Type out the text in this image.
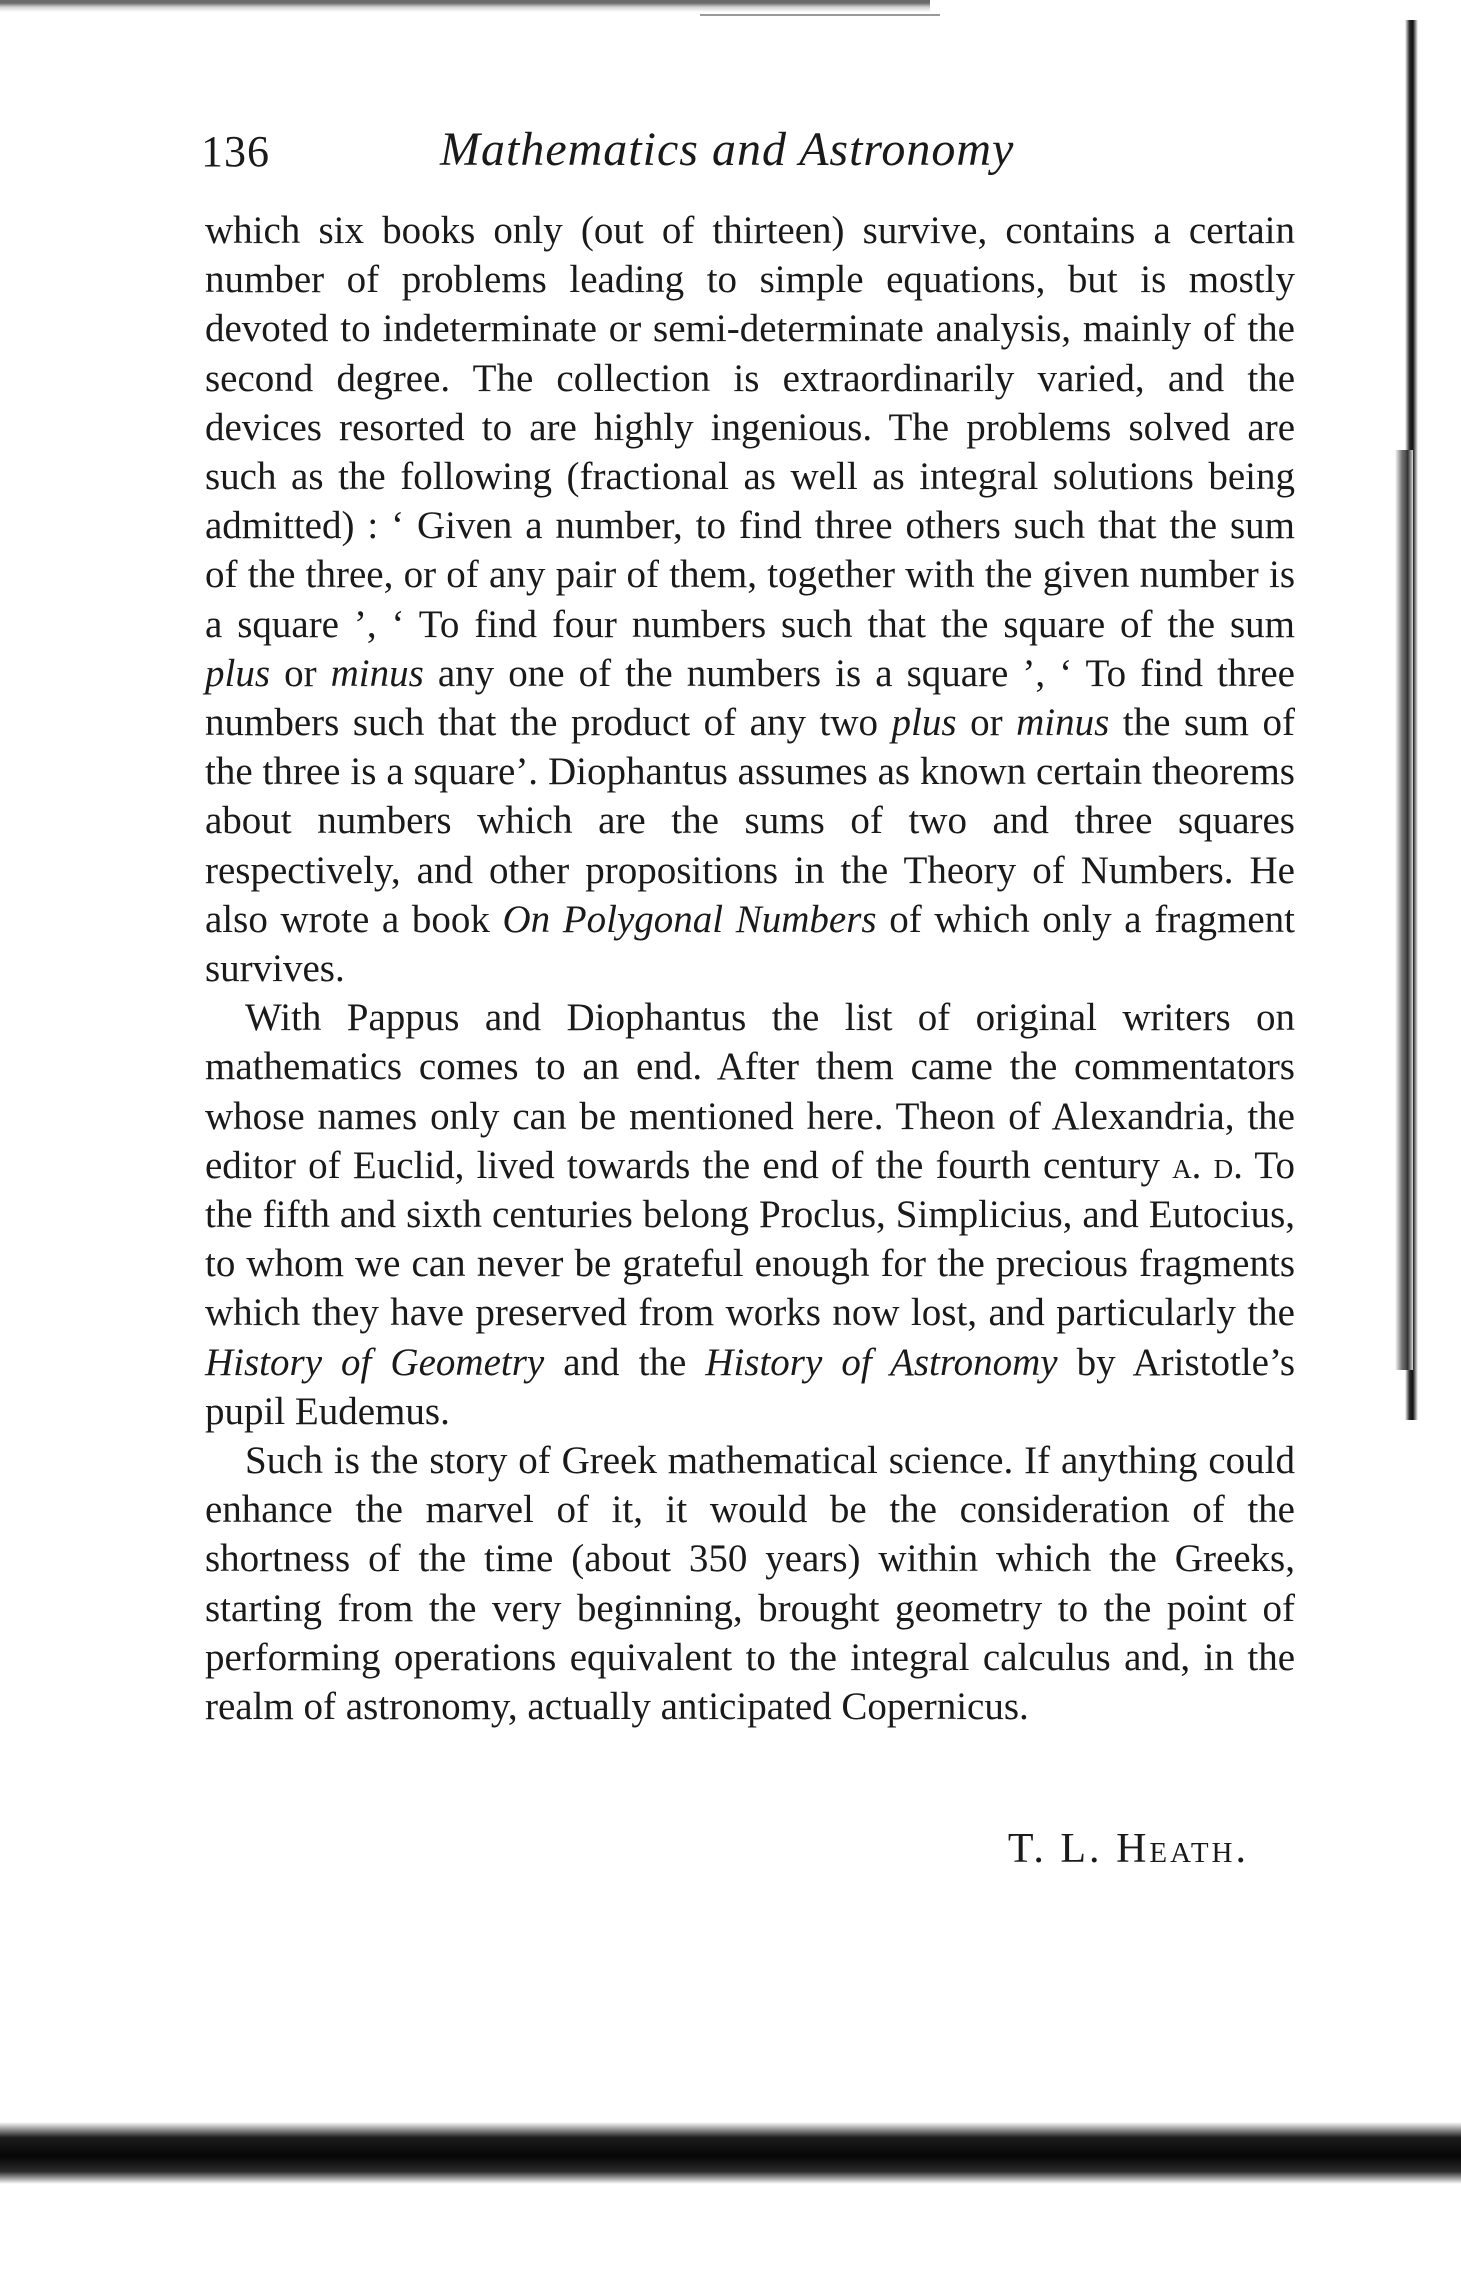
136	Mathematics and Astronomy

which six books only (out of thirteen) survive, contains a certain number of problems leading to simple equations, but is mostly devoted to indeterminate or semi-determinate analysis, mainly of the second degree. The collection is extraordinarily varied, and the devices resorted to are highly ingenious. The problems solved are such as the following (fractional as well as integral solutions being admitted) : ‘ Given a number, to find three others such that the sum of the three, or of any pair of them, together with the given number is a square ’, ‘ To find four numbers such that the square of the sum plus or minus any one of the numbers is a square ’, ‘ To find three numbers such that the product of any two plus or minus the sum of the three is a square’. Diophantus assumes as known certain theorems about numbers which are the sums of two and three squares respectively, and other propositions in the Theory of Numbers. He also wrote a book On Polygonal Numbers of which only a fragment survives.

With Pappus and Diophantus the list of original writers on mathematics comes to an end. After them came the commentators whose names only can be mentioned here. Theon of Alexandria, the editor of Euclid, lived towards the end of the fourth century a. d. To the fifth and sixth centuries belong Proclus, Simplicius, and Eutocius, to whom we can never be grateful enough for the precious fragments which they have preserved from works now lost, and particularly the History of Geometry and the History of Astronomy by Aristotle’s pupil Eudemus.

Such is the story of Greek mathematical science. If anything could enhance the marvel of it, it would be the consideration of the shortness of the time (about 350 years) within which the Greeks, starting from the very beginning, brought geometry to the point of performing operations equivalent to the integral calculus and, in the realm of astronomy, actually anticipated Copernicus.

T. L. Heath.
